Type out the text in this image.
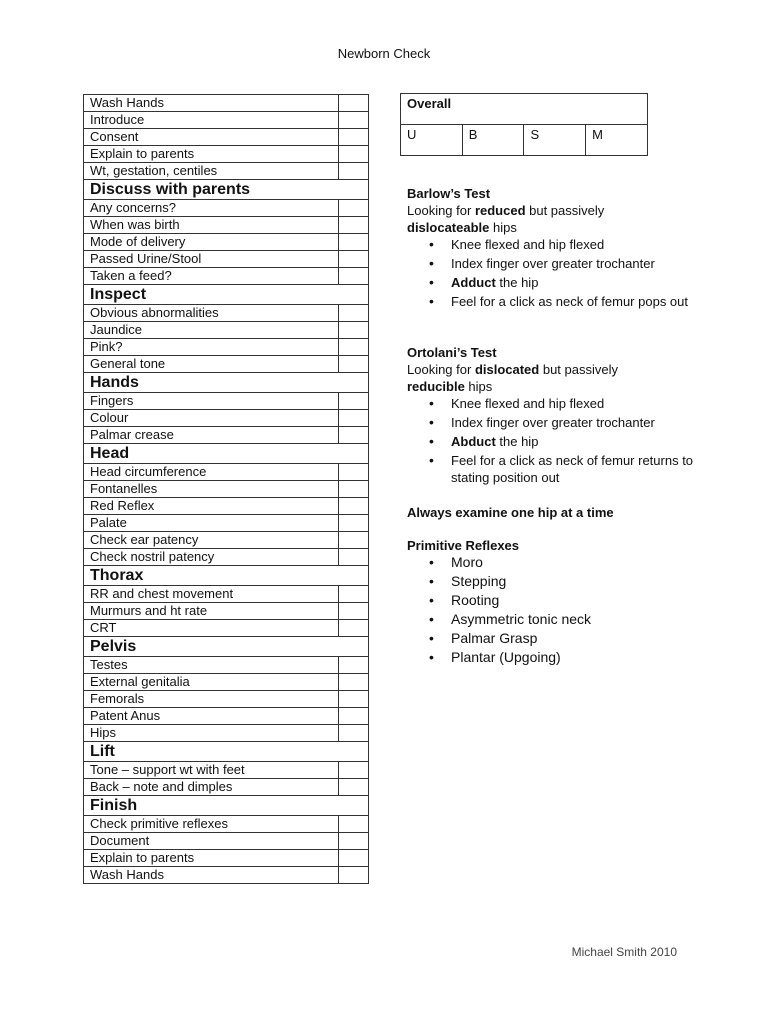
Newborn Check
Wash Hands	
Introduce	
Consent	
Explain to parents	
Wt, gestation, centiles	
Discuss with parents	
Any concerns?	
When was birth	
Mode of delivery	
Passed Urine/Stool	
Taken a feed?	
Inspect	
Obvious abnormalities	
Jaundice	
Pink?	
General tone	
Hands	
Fingers	
Colour	
Palmar crease	
Head	
Head circumference	
Fontanelles	
Red Reflex	
Palate	
Check ear patency	
Check nostril patency	
Thorax	
RR and chest movement	
Murmurs and ht rate	
CRT	
Pelvis	
Testes	
External genitalia	
Femorals	
Patent Anus	
Hips	
Lift	
Tone – support wt with feet	
Back – note and dimples	
Finish	
Check primitive reflexes	
Document	
Explain to parents	
Wash Hands	
Overall
U	B	S	M

Barlow’s Test

Looking for reduced but passively

dislocateable hips

• Knee flexed and hip flexed
• Index finger over greater trochanter
• Adduct the hip
• Feel for a click as neck of femur pops out

Ortolani’s Test

Looking for dislocated but passively

reducible hips

• Knee flexed and hip flexed
• Index finger over greater trochanter
• Abduct the hip
• Feel for a click as neck of femur returns to stating position out

Always examine one hip at a time

Primitive Reflexes

• Moro
• Stepping
• Rooting
• Asymmetric tonic neck
• Palmar Grasp
• Plantar (Upgoing)
Michael Smith 2010
